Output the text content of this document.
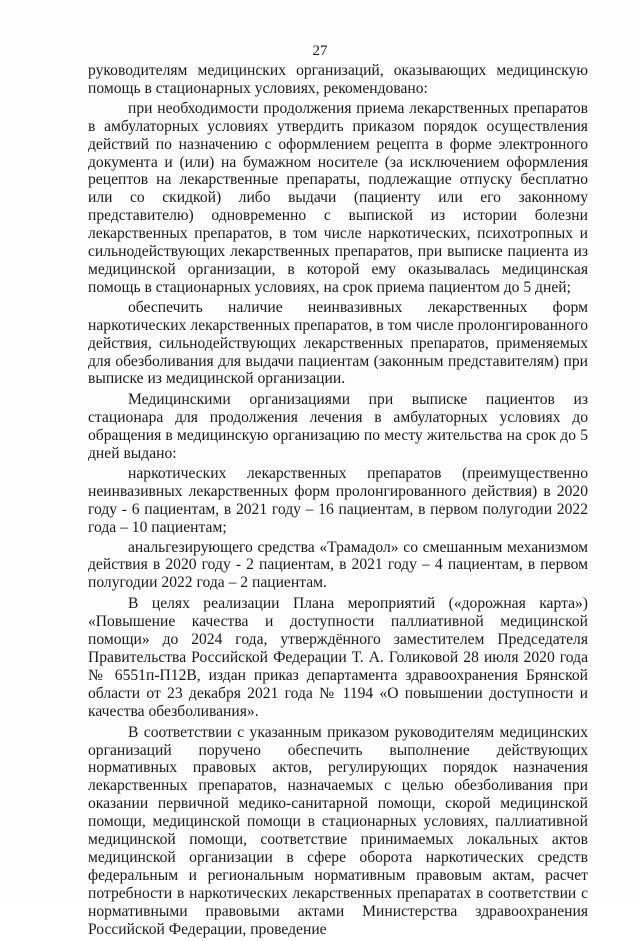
27

руководителям медицинских организаций, оказывающих медицинскую помощь в стационарных условиях, рекомендовано:

при необходимости продолжения приема лекарственных препаратов в амбулаторных условиях утвердить приказом порядок осуществления действий по назначению с оформлением рецепта в форме электронного документа и (или) на бумажном носителе (за исключением оформления рецептов на лекарственные препараты, подлежащие отпуску бесплатно или со скидкой) либо выдачи (пациенту или его законному представителю) одновременно с выпиской из истории болезни лекарственных препаратов, в том числе наркотических, психотропных и сильнодействующих лекарственных препаратов, при выписке пациента из медицинской организации, в которой ему оказывалась медицинская помощь в стационарных условиях, на срок приема пациентом до 5 дней;

обеспечить наличие неинвазивных лекарственных форм наркотических лекарственных препаратов, в том числе пролонгированного действия, сильнодействующих лекарственных препаратов, применяемых для обезболивания для выдачи пациентам (законным представителям) при выписке из медицинской организации.

Медицинскими организациями при выписке пациентов из стационара для продолжения лечения в амбулаторных условиях до обращения в медицинскую организацию по месту жительства на срок до 5 дней выдано:

наркотических лекарственных препаратов (преимущественно неинвазивных лекарственных форм пролонгированного действия) в 2020 году - 6 пациентам, в 2021 году – 16 пациентам, в первом полугодии 2022 года – 10 пациентам;

анальгезирующего средства «Трамадол» со смешанным механизмом действия в 2020 году - 2 пациентам, в 2021 году – 4 пациентам, в первом полугодии 2022 года – 2 пациентам.

В целях реализации Плана мероприятий («дорожная карта») «Повышение качества и доступности паллиативной медицинской помощи» до 2024 года, утверждённого заместителем Председателя Правительства Российской Федерации Т. А. Голиковой 28 июля 2020 года № 6551п-П12В, издан приказ департамента здравоохранения Брянской области от 23 декабря 2021 года № 1194 «О повышении доступности и качества обезболивания».

В соответствии с указанным приказом руководителям медицинских организаций поручено обеспечить выполнение действующих нормативных правовых актов, регулирующих порядок назначения лекарственных препаратов, назначаемых с целью обезболивания при оказании первичной медико-санитарной помощи, скорой медицинской помощи, медицинской помощи в стационарных условиях, паллиативной медицинской помощи, соответствие принимаемых локальных актов медицинской организации в сфере оборота наркотических средств федеральным и региональным нормативным правовым актам, расчет потребности в наркотических лекарственных препаратах в соответствии с нормативными правовыми актами Министерства здравоохранения Российской Федерации, проведение
